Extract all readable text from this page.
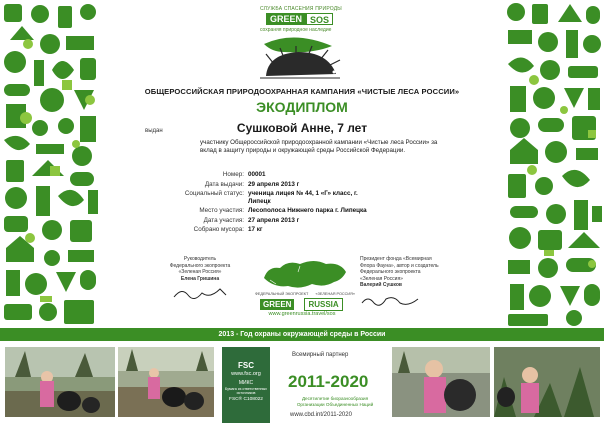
СЛУЖБА СПАСЕНИЯ ПРИРОДЫ
GREEN SOS
сохраняя природное наследие
ОБЩЕРОССИЙСКАЯ ПРИРОДООХРАННАЯ КАМПАНИЯ «ЧИСТЫЕ ЛЕСА РОССИИ»
ЭКОДИПЛОМ
выдан	Сушковой Анне, 7 лет
участнику Общероссийской природоохранной кампании «Чистые леса России» за вклад в защиту природы и окружающей среды Российской Федерации.
Номер: 00001
Дата выдачи: 29 апреля 2013 г
Социальный статус: ученица лицея № 44, 1 «Г» класс, г. Липецк
Место участия: Лесополоса Нижнего парка г. Липецка
Дата участия: 27 апреля 2013 г
Собрано мусора: 17 кг
Руководитель
Федерального экопроекта
«Зеленая Россия»
Елена Гришина
ФЕДЕРАЛЬНЫЙ ЭКОПРОЕКТ «ЗЕЛЕНАЯ РОССИЯ»
GREEN	RUSSIA
www.greenrussia.travel/sos
Президент фонда «Всемирная
Флора Фауна», автор и создатель
Федерального экопроекта
«Зеленая Россия»
Валерий Сушков
2013 - Год охраны окружающей среды в России
FSC
www.fsc.org
МИКС
Бумага из ответственных источников
FSC® C108022
Всемирный партнер
2011-2020
Десятилетие биоразнообразия
Организации Объединенных Наций
www.cbd.int/2011-2020
